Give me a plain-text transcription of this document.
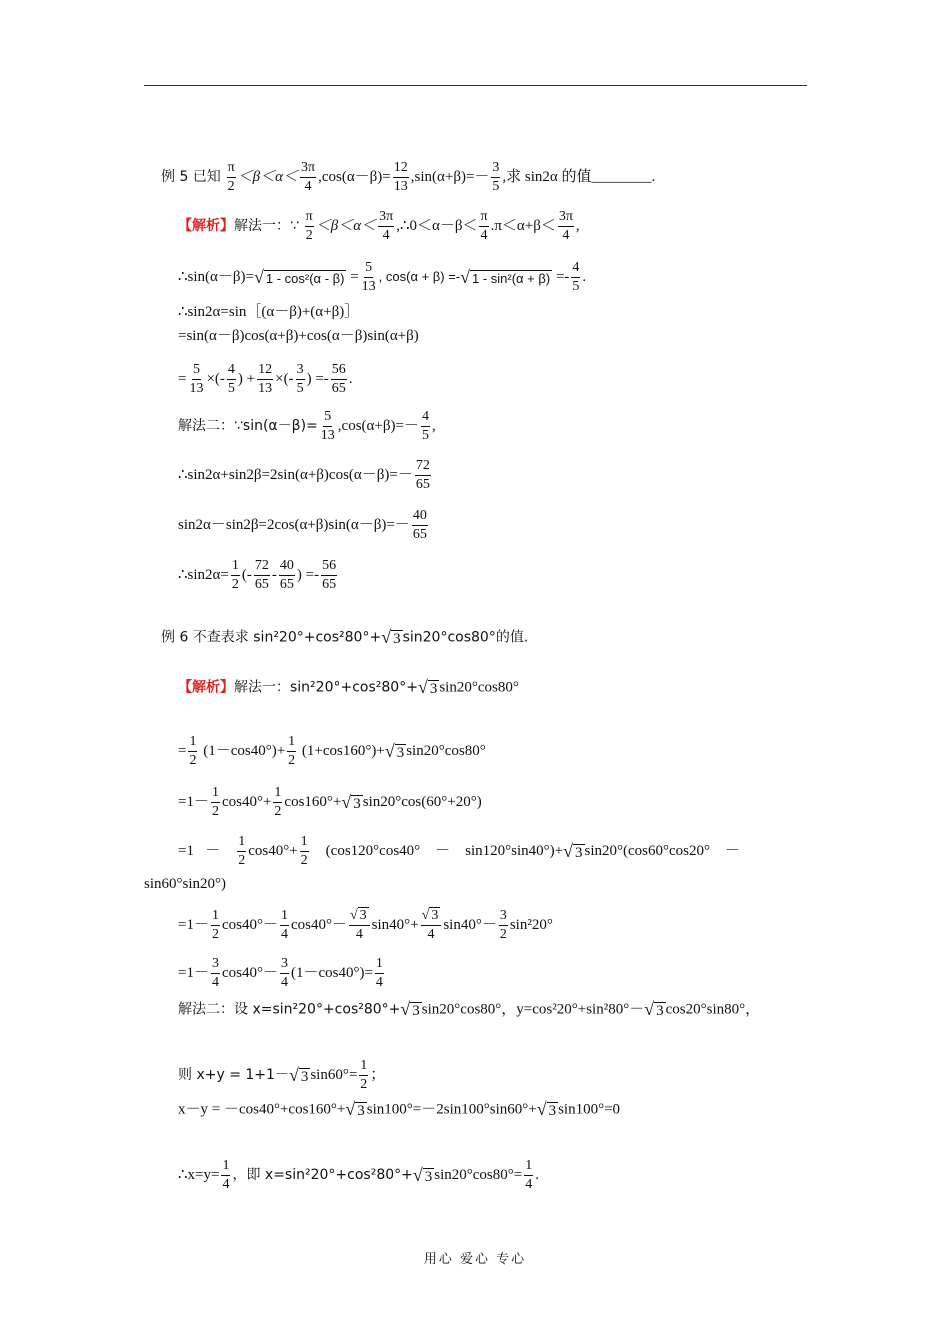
例 5 已知 $\frac{\pi}{2} <\beta<\alpha< \frac{3\pi}{4} ,\cos(\alpha-\beta)= \frac{12}{13} ,\sin(\alpha+\beta)=- \frac{3}{5}$ ,求 sin2α 的值________.
【解析】解法一：∵ $\frac{\pi}{2} <\beta<\alpha< \frac{3\pi}{4}$ ,∴0＜α－β＜ $\frac{\pi}{4} .\pi<\alpha+\beta< \frac{3\pi}{4}$ ,
∴sin(α－β)=√ $1 - \cos^2(\alpha - \beta) = \frac{5}{13}$ , cos(α + β) =-√ $1 - \sin^2(\alpha + \beta) =- \frac{4}{5}$ .
∴sin2α=sin［(α－β)+(α+β)］
=sin(α－β)cos(α+β)+cos(α－β)sin(α+β)
= $\frac{5}{13}$ ×(- $\frac{4}{5}$ ) + $\frac{12}{13}$ ×(- $\frac{3}{5}$ ) =- $\frac{56}{65}$ .
解法二：∵sin(α－β)= $\frac{5}{13} ,\cos(\alpha+\beta)=- \frac{4}{5}$ ,
∴sin2α+sin2β=2sin(α+β)cos(α－β)=－ $\frac{72}{65}$
$\sin 2\alpha-\sin 2\beta=2\cos(\alpha+\beta)\sin(\alpha-\beta)=- \frac{40}{65}$
∴sin2α= $\frac{1}{2}$ (- $\frac{72}{65} - \frac{40}{65}$ ) =- $\frac{56}{65}$
例 6 不查表求 sin²20°+cos²80°+√ 3 sin20°cos80°的值.
【解析】解法一：sin²20°+cos²80°+√ 3 sin20°cos80°
= $\frac{1}{2} (1-\cos 40^\circ)+ \frac{1}{2} (1+\cos 160^\circ)+√$ 3 sin20°cos80°
$=1- \frac{1}{2} \cos 40^\circ+ \frac{1}{2} \cos 160^\circ+√$ 3 sin20°cos(60°+20°)
$=1 - \frac{1}{2} \cos 40^\circ+ \frac{1}{2} (\cos 120^\circ\cos 40^\circ$    －    sin120°sin40°)+√ 3 sin20°(cos60°cos20°    －
sin60°sin20°)
$=1- \frac{1}{2} \cos 40^\circ- \frac{1}{4} \cos 40^\circ- \frac{√ 3}{4} \sin 40^\circ+ \frac{√ 3}{4} \sin 40^\circ- \frac{3}{2} \sin^220^\circ$
$=1- \frac{3}{4} \cos 40^\circ- \frac{3}{4} (1-\cos 40^\circ)= \frac{1}{4}$
解法二：设 x=sin²20°+cos²80°+√ 3 sin20°cos80°，y=cos²20°+sin²80°－√ 3 cos20°sin80°，
则 x+y = 1+1－√ 3 $\sin 60^\circ= \frac{1}{2}$ ；
x－y = －cos40°+cos160°+√ 3 sin100°=－2sin100°sin60°+√ 3 sin100°=0
∴x=y= $\frac{1}{4}$ ，即 x=sin²20°+cos²80°+√ 3 $\sin 20^\circ\cos 80^\circ= \frac{1}{4}$ .
用心 爱心 专心
